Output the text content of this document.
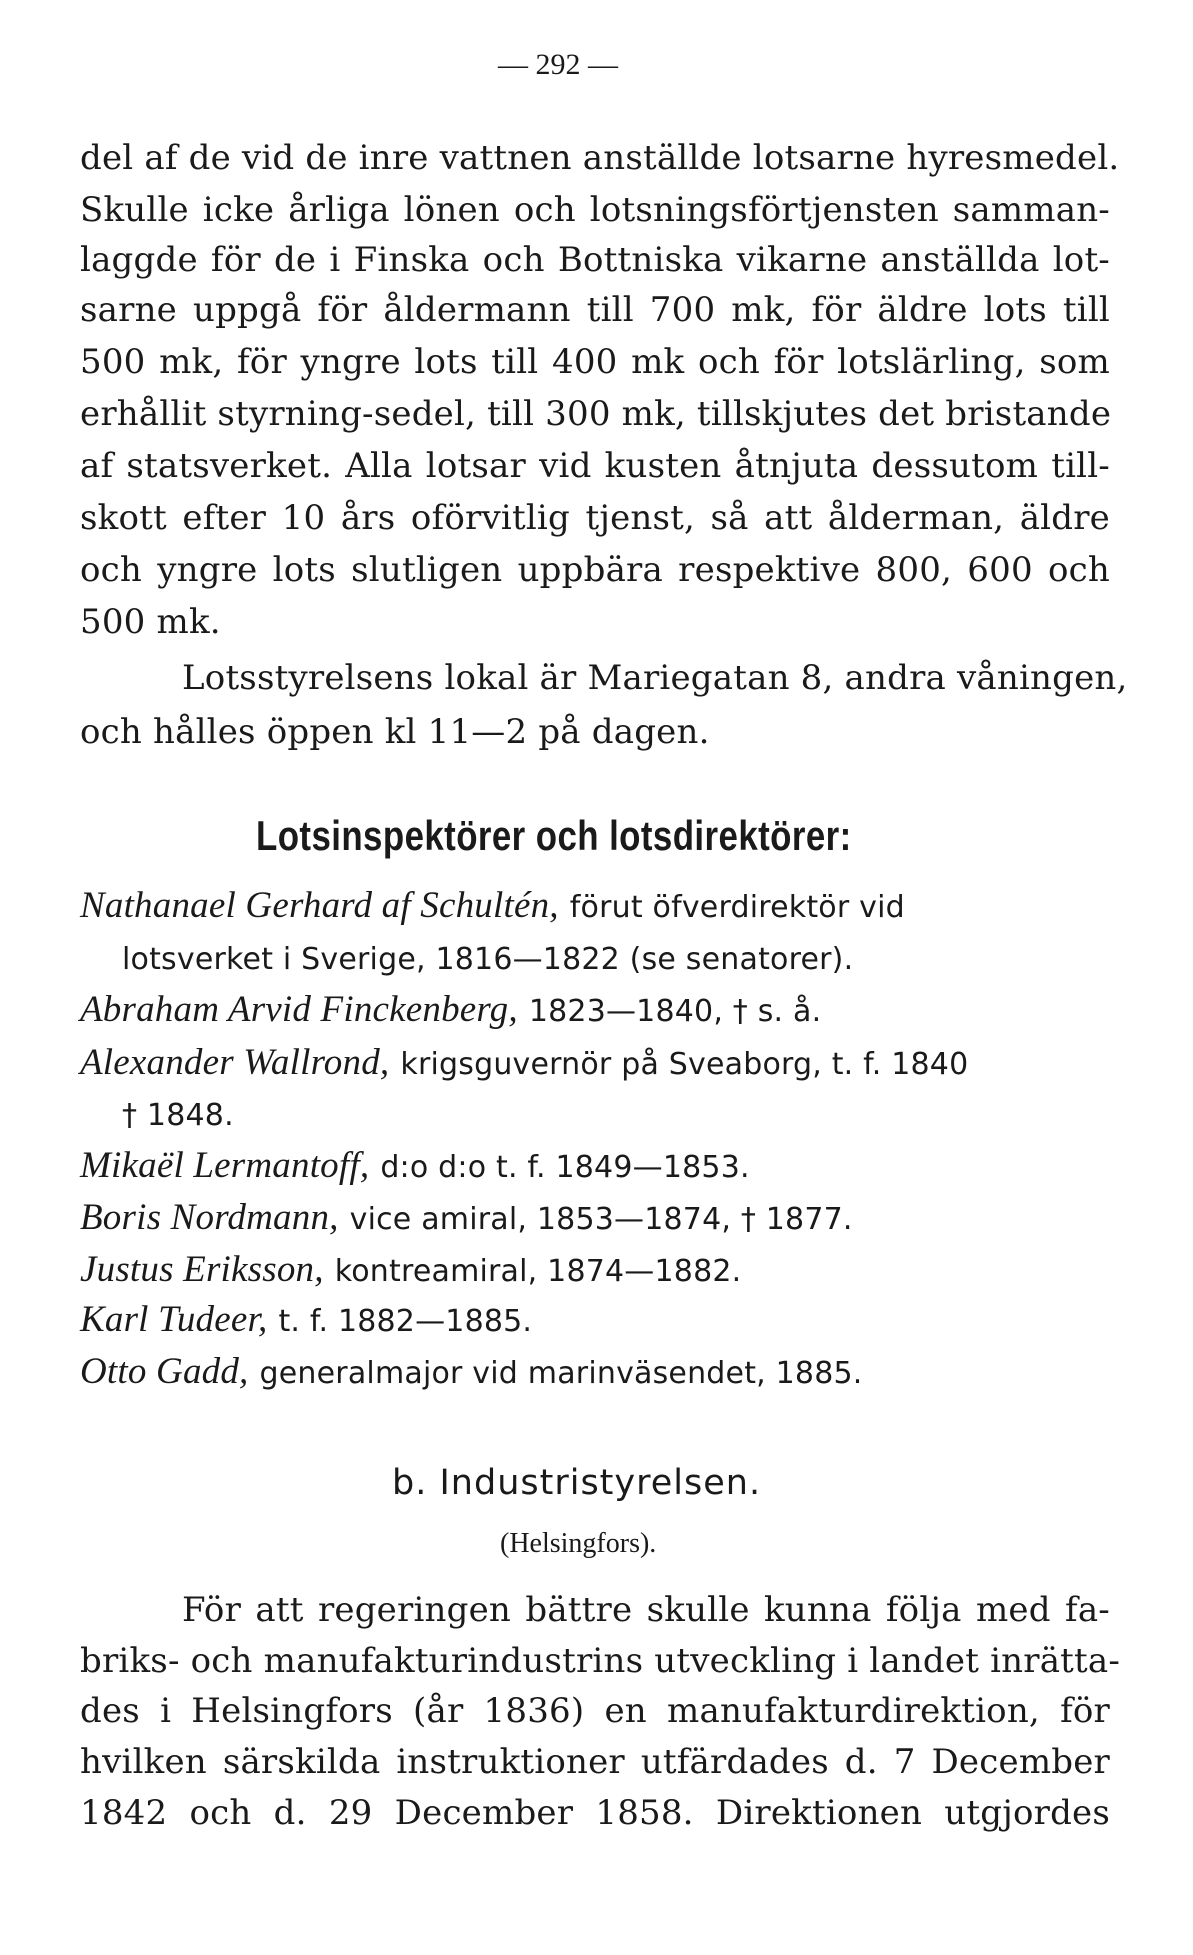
— 292 —
del af de vid de inre vattnen anställde lotsarne hyresmedel.
Skulle icke årliga lönen och lotsningsförtjensten samman-
laggde för de i Finska och Bottniska vikarne anställda lot-
sarne uppgå för åldermann till 700 mk, för äldre lots till
500 mk, för yngre lots till 400 mk och för lotslärling, som
erhållit styrning-sedel, till 300 mk, tillskjutes det bristande
af statsverket. Alla lotsar vid kusten åtnjuta dessutom till-
skott efter 10 års oförvitlig tjenst, så att ålderman, äldre
och yngre lots slutligen uppbära respektive 800, 600 och
500 mk.
Lotsstyrelsens lokal är Mariegatan 8, andra våningen,
och hålles öppen kl 11—2 på dagen.
Lotsinspektörer och lotsdirektörer:
Nathanael Gerhard af Schultén, förut öfverdirektör vid
lotsverket i Sverige, 1816—1822 (se senatorer).
Abraham Arvid Finckenberg, 1823—1840, † s. å.
Alexander Wallrond, krigsguvernör på Sveaborg, t. f. 1840
† 1848.
Mikaël Lermantoff, d:o d:o t. f. 1849—1853.
Boris Nordmann, vice amiral, 1853—1874, † 1877.
Justus Eriksson, kontreamiral, 1874—1882.
Karl Tudeer, t. f. 1882—1885.
Otto Gadd, generalmajor vid marinväsendet, 1885.
b. Industristyrelsen.
(Helsingfors).
För att regeringen bättre skulle kunna följa med fa-
briks- och manufakturindustrins utveckling i landet inrätta-
des i Helsingfors (år 1836) en manufakturdirektion, för
hvilken särskilda instruktioner utfärdades d. 7 December
1842 och d. 29 December 1858. Direktionen utgjordes
